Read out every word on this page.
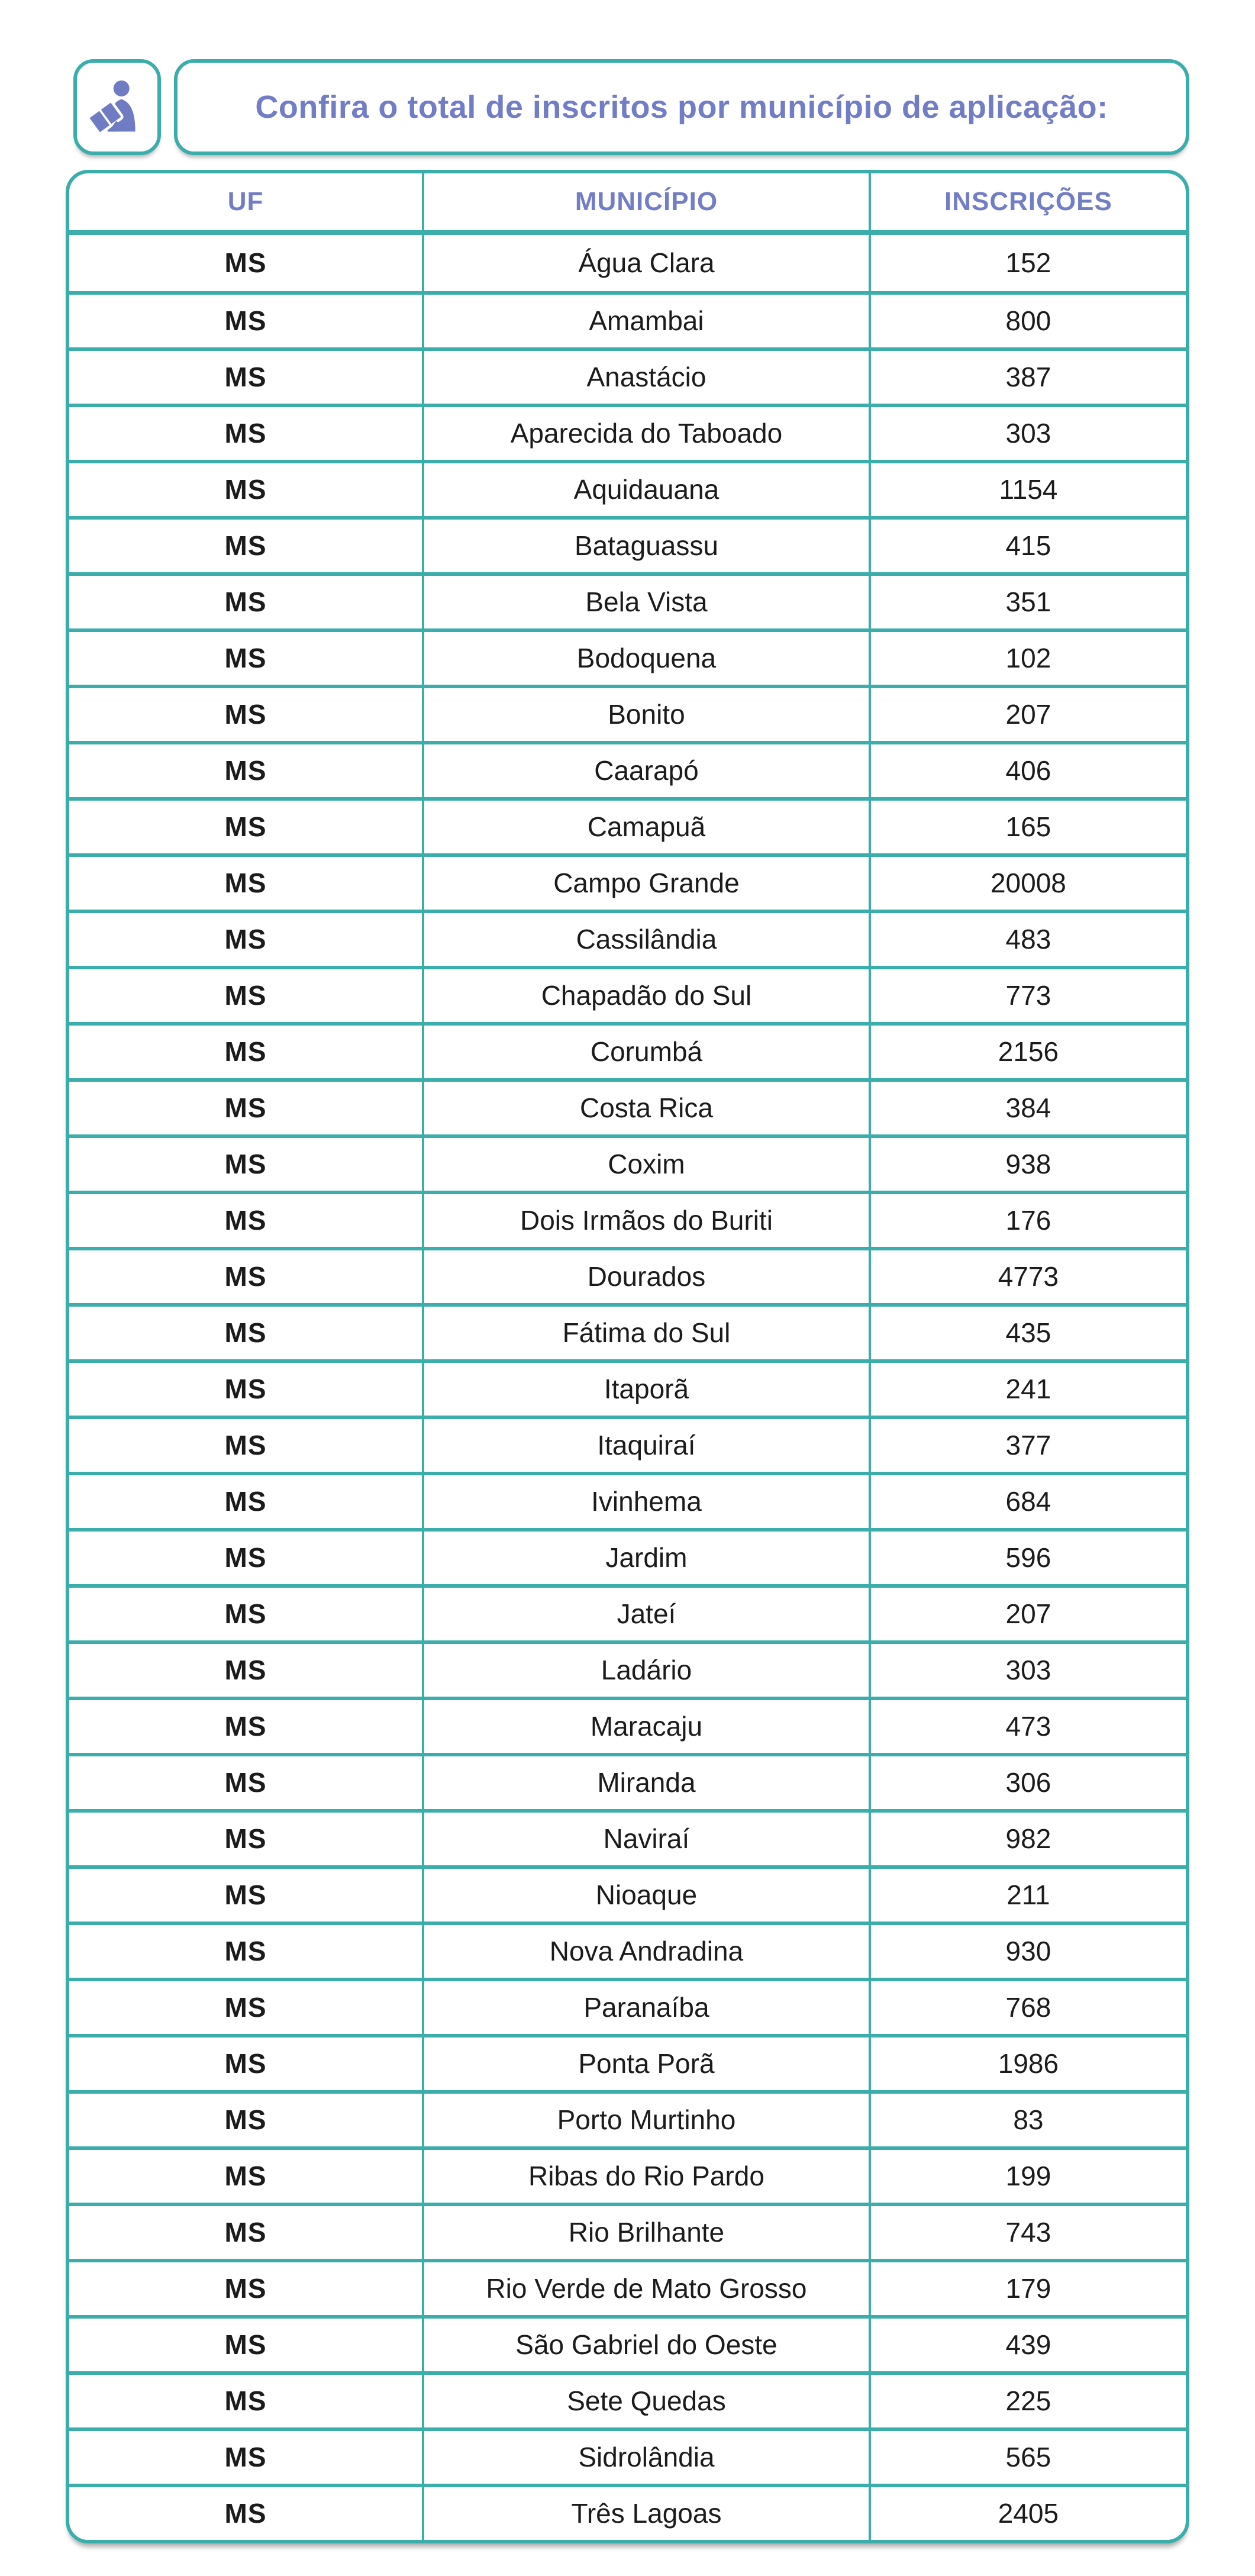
Confira o total de inscritos por município de aplicação:
UF	MUNICÍPIO	INSCRIÇÕES
MS	Água Clara	152
MS	Amambai	800
MS	Anastácio	387
MS	Aparecida do Taboado	303
MS	Aquidauana	1154
MS	Bataguassu	415
MS	Bela Vista	351
MS	Bodoquena	102
MS	Bonito	207
MS	Caarapó	406
MS	Camapuã	165
MS	Campo Grande	20008
MS	Cassilândia	483
MS	Chapadão do Sul	773
MS	Corumbá	2156
MS	Costa Rica	384
MS	Coxim	938
MS	Dois Irmãos do Buriti	176
MS	Dourados	4773
MS	Fátima do Sul	435
MS	Itaporã	241
MS	Itaquiraí	377
MS	Ivinhema	684
MS	Jardim	596
MS	Jateí	207
MS	Ladário	303
MS	Maracaju	473
MS	Miranda	306
MS	Naviraí	982
MS	Nioaque	211
MS	Nova Andradina	930
MS	Paranaíba	768
MS	Ponta Porã	1986
MS	Porto Murtinho	83
MS	Ribas do Rio Pardo	199
MS	Rio Brilhante	743
MS	Rio Verde de Mato Grosso	179
MS	São Gabriel do Oeste	439
MS	Sete Quedas	225
MS	Sidrolândia	565
MS	Três Lagoas	2405
